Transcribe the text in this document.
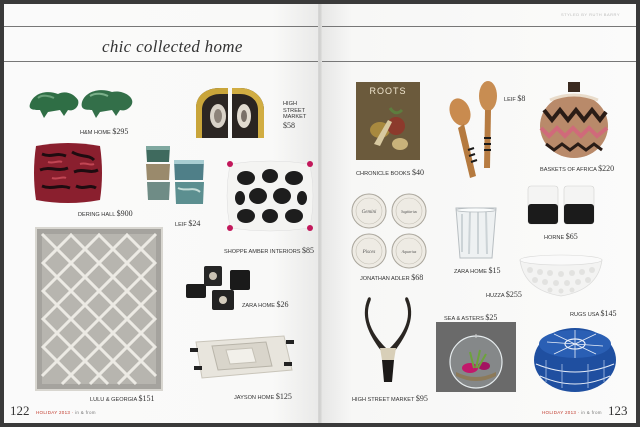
chic collected home
STYLED BY RUTH BARRY
H&M HOME $295
HIGH STREET MARKET
$58
DERING HALL $900
LEIF $24
SHOPPE AMBER INTERIORS $85
LULU & GEORGIA $151
ZARA HOME $26
JAYSON HOME $125
122 HOLIDAY 2013 · in & from
ROOTS
CHRONICLE BOOKS $40
LEIF $8
BASKETS OF AFRICA $220
Gemini	Sagittarius
Pisces	Aquarius
JONATHAN ADLER $68
ZARA HOME $15
HORNE $65
HUZZA $255
HIGH STREET MARKET $95
SEA & ASTERS $25	RUGS USA $145
HOLIDAY 2013 · in & from 123
